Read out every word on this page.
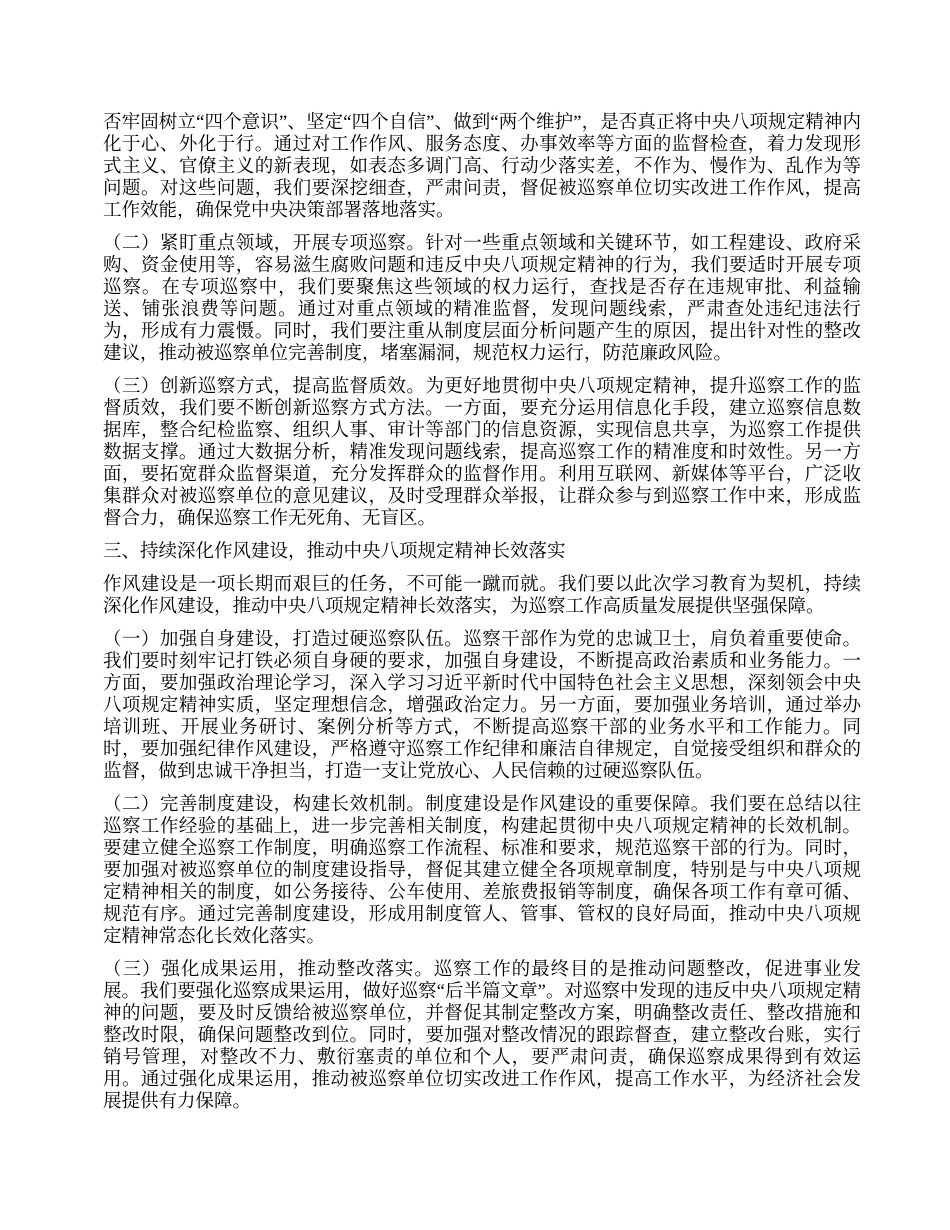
否牢固树立“四个意识”、坚定“四个自信”、做到“两个维护”，是否真正将中央八项规定精神内化于心、外化于行。通过对工作作风、服务态度、办事效率等方面的监督检查，着力发现形式主义、官僚主义的新表现，如表态多调门高、行动少落实差，不作为、慢作为、乱作为等问题。对这些问题，我们要深挖细查，严肃问责，督促被巡察单位切实改进工作作风，提高工作效能，确保党中央决策部署落地落实。

（二）紧盯重点领域，开展专项巡察。针对一些重点领域和关键环节，如工程建设、政府采购、资金使用等，容易滋生腐败问题和违反中央八项规定精神的行为，我们要适时开展专项巡察。在专项巡察中，我们要聚焦这些领域的权力运行，查找是否存在违规审批、利益输送、铺张浪费等问题。通过对重点领域的精准监督，发现问题线索，严肃查处违纪违法行为，形成有力震慑。同时，我们要注重从制度层面分析问题产生的原因，提出针对性的整改建议，推动被巡察单位完善制度，堵塞漏洞，规范权力运行，防范廉政风险。

（三）创新巡察方式，提高监督质效。为更好地贯彻中央八项规定精神，提升巡察工作的监督质效，我们要不断创新巡察方式方法。一方面，要充分运用信息化手段，建立巡察信息数据库，整合纪检监察、组织人事、审计等部门的信息资源，实现信息共享，为巡察工作提供数据支撑。通过大数据分析，精准发现问题线索，提高巡察工作的精准度和时效性。另一方面，要拓宽群众监督渠道，充分发挥群众的监督作用。利用互联网、新媒体等平台，广泛收集群众对被巡察单位的意见建议，及时受理群众举报，让群众参与到巡察工作中来，形成监督合力，确保巡察工作无死角、无盲区。

三、持续深化作风建设，推动中央八项规定精神长效落实

作风建设是一项长期而艰巨的任务，不可能一蹴而就。我们要以此次学习教育为契机，持续深化作风建设，推动中央八项规定精神长效落实，为巡察工作高质量发展提供坚强保障。

（一）加强自身建设，打造过硬巡察队伍。巡察干部作为党的忠诚卫士，肩负着重要使命。我们要时刻牢记打铁必须自身硬的要求，加强自身建设，不断提高政治素质和业务能力。一方面，要加强政治理论学习，深入学习习近平新时代中国特色社会主义思想，深刻领会中央八项规定精神实质，坚定理想信念，增强政治定力。另一方面，要加强业务培训，通过举办培训班、开展业务研讨、案例分析等方式，不断提高巡察干部的业务水平和工作能力。同时，要加强纪律作风建设，严格遵守巡察工作纪律和廉洁自律规定，自觉接受组织和群众的监督，做到忠诚干净担当，打造一支让党放心、人民信赖的过硬巡察队伍。

（二）完善制度建设，构建长效机制。制度建设是作风建设的重要保障。我们要在总结以往巡察工作经验的基础上，进一步完善相关制度，构建起贯彻中央八项规定精神的长效机制。要建立健全巡察工作制度，明确巡察工作流程、标准和要求，规范巡察干部的行为。同时，要加强对被巡察单位的制度建设指导，督促其建立健全各项规章制度，特别是与中央八项规定精神相关的制度，如公务接待、公车使用、差旅费报销等制度，确保各项工作有章可循、规范有序。通过完善制度建设，形成用制度管人、管事、管权的良好局面，推动中央八项规定精神常态化长效化落实。

（三）强化成果运用，推动整改落实。巡察工作的最终目的是推动问题整改，促进事业发展。我们要强化巡察成果运用，做好巡察“后半篇文章”。对巡察中发现的违反中央八项规定精神的问题，要及时反馈给被巡察单位，并督促其制定整改方案，明确整改责任、整改措施和整改时限，确保问题整改到位。同时，要加强对整改情况的跟踪督查，建立整改台账，实行销号管理，对整改不力、敷衍塞责的单位和个人，要严肃问责，确保巡察成果得到有效运用。通过强化成果运用，推动被巡察单位切实改进工作作风，提高工作水平，为经济社会发展提供有力保障。
